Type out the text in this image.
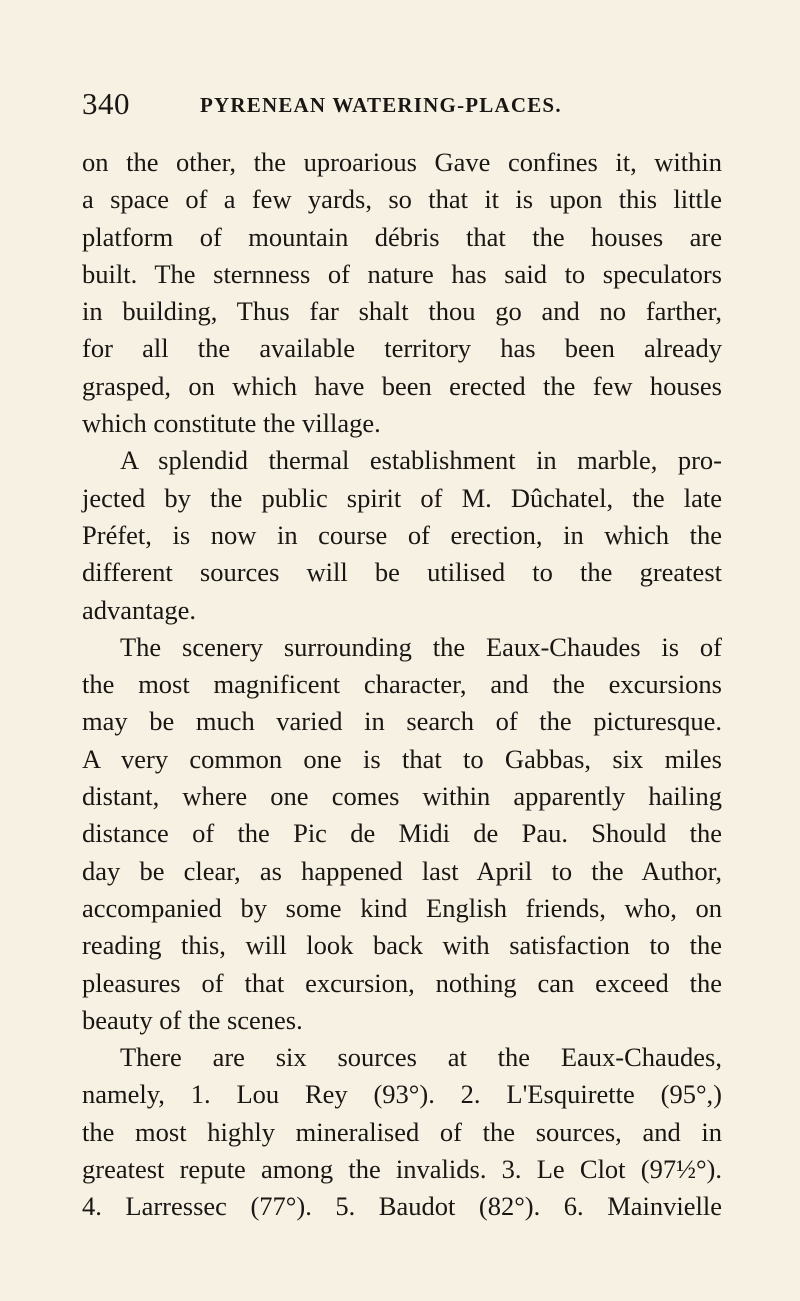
340	PYRENEAN WATERING-PLACES.
on the other, the uproarious Gave confines it, within
a space of a few yards, so that it is upon this little
platform of mountain débris that the houses are
built. The sternness of nature has said to speculators
in building, Thus far shalt thou go and no farther,
for all the available territory has been already
grasped, on which have been erected the few houses
which constitute the village.
A splendid thermal establishment in marble, pro-
jected by the public spirit of M. Dûchatel, the late
Préfet, is now in course of erection, in which the
different sources will be utilised to the greatest
advantage.
The scenery surrounding the Eaux-Chaudes is of
the most magnificent character, and the excursions
may be much varied in search of the picturesque.
A very common one is that to Gabbas, six miles
distant, where one comes within apparently hailing
distance of the Pic de Midi de Pau. Should the
day be clear, as happened last April to the Author,
accompanied by some kind English friends, who, on
reading this, will look back with satisfaction to the
pleasures of that excursion, nothing can exceed the
beauty of the scenes.
There are six sources at the Eaux-Chaudes,
namely, 1. Lou Rey (93°). 2. L'Esquirette (95°,)
the most highly mineralised of the sources, and in
greatest repute among the invalids. 3. Le Clot (97½°).
4. Larressec (77°). 5. Baudot (82°). 6. Mainvielle
